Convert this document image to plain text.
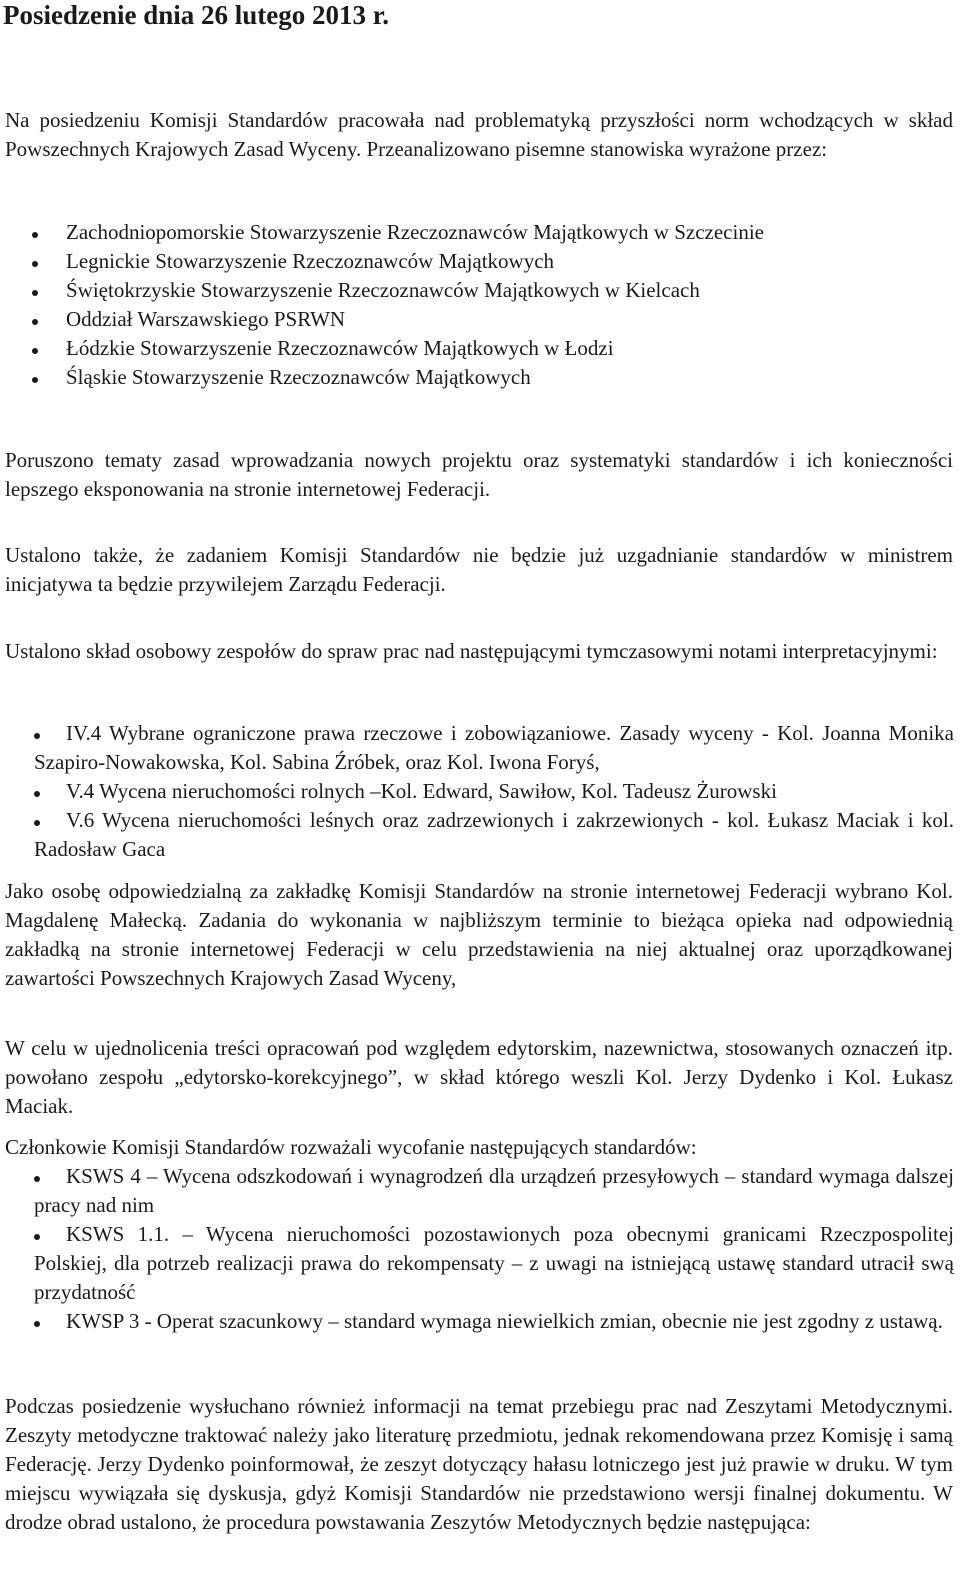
Posiedzenie dnia 26 lutego 2013 r.

Na posiedzeniu Komisji Standardów pracowała nad problematyką przyszłości norm wchodzących w skład Powszechnych Krajowych Zasad Wyceny. Przeanalizowano pisemne stanowiska wyrażone przez:

Zachodniopomorskie Stowarzyszenie Rzeczoznawców Majątkowych w Szczecinie
Legnickie Stowarzyszenie Rzeczoznawców Majątkowych
Świętokrzyskie Stowarzyszenie Rzeczoznawców Majątkowych w Kielcach
Oddział Warszawskiego PSRWN
Łódzkie Stowarzyszenie Rzeczoznawców Majątkowych w Łodzi
Śląskie Stowarzyszenie Rzeczoznawców Majątkowych

Poruszono tematy zasad wprowadzania nowych projektu oraz systematyki standardów i ich konieczności lepszego eksponowania na stronie internetowej Federacji.

Ustalono także, że zadaniem Komisji Standardów nie będzie już uzgadnianie standardów w ministrem inicjatywa ta będzie przywilejem Zarządu Federacji.

Ustalono skład osobowy zespołów do spraw prac nad następującymi tymczasowymi notami interpretacyjnymi:

IV.4 Wybrane ograniczone prawa rzeczowe i zobowiązaniowe. Zasady wyceny - Kol. Joanna Monika Szapiro-Nowakowska, Kol. Sabina Źróbek, oraz Kol. Iwona Foryś,
V.4 Wycena nieruchomości rolnych –Kol. Edward, Sawiłow, Kol. Tadeusz Żurowski
V.6 Wycena nieruchomości leśnych oraz zadrzewionych i zakrzewionych - kol. Łukasz Maciak i kol. Radosław Gaca

Jako osobę odpowiedzialną za zakładkę Komisji Standardów na stronie internetowej Federacji wybrano Kol. Magdalenę Małecką. Zadania do wykonania w najbliższym terminie to bieżąca opieka nad odpowiednią zakładką na stronie internetowej Federacji w celu przedstawienia na niej aktualnej oraz uporządkowanej zawartości Powszechnych Krajowych Zasad Wyceny,

W celu w ujednolicenia treści opracowań pod względem edytorskim, nazewnictwa, stosowanych oznaczeń itp. powołano zespołu „edytorsko-korekcyjnego”, w skład którego weszli Kol. Jerzy Dydenko i Kol. Łukasz Maciak.

Członkowie Komisji Standardów rozważali wycofanie następujących standardów:

KSWS 4 – Wycena odszkodowań i wynagrodzeń dla urządzeń przesyłowych – standard wymaga dalszej pracy nad nim
KSWS 1.1. – Wycena nieruchomości pozostawionych poza obecnymi granicami Rzeczpospolitej Polskiej, dla potrzeb realizacji prawa do rekompensaty – z uwagi na istniejącą ustawę standard utracił swą przydatność
KWSP 3 - Operat szacunkowy – standard wymaga niewielkich zmian, obecnie nie jest zgodny z ustawą.

Podczas posiedzenie wysłuchano również informacji na temat przebiegu prac nad Zeszytami Metodycznymi. Zeszyty metodyczne traktować należy jako literaturę przedmiotu, jednak rekomendowana przez Komisję i samą Federację. Jerzy Dydenko poinformował, że zeszyt dotyczący hałasu lotniczego jest już prawie w druku. W tym miejscu wywiązała się dyskusja, gdyż Komisji Standardów nie przedstawiono wersji finalnej dokumentu. W drodze obrad ustalono, że procedura powstawania Zeszytów Metodycznych będzie następująca:
